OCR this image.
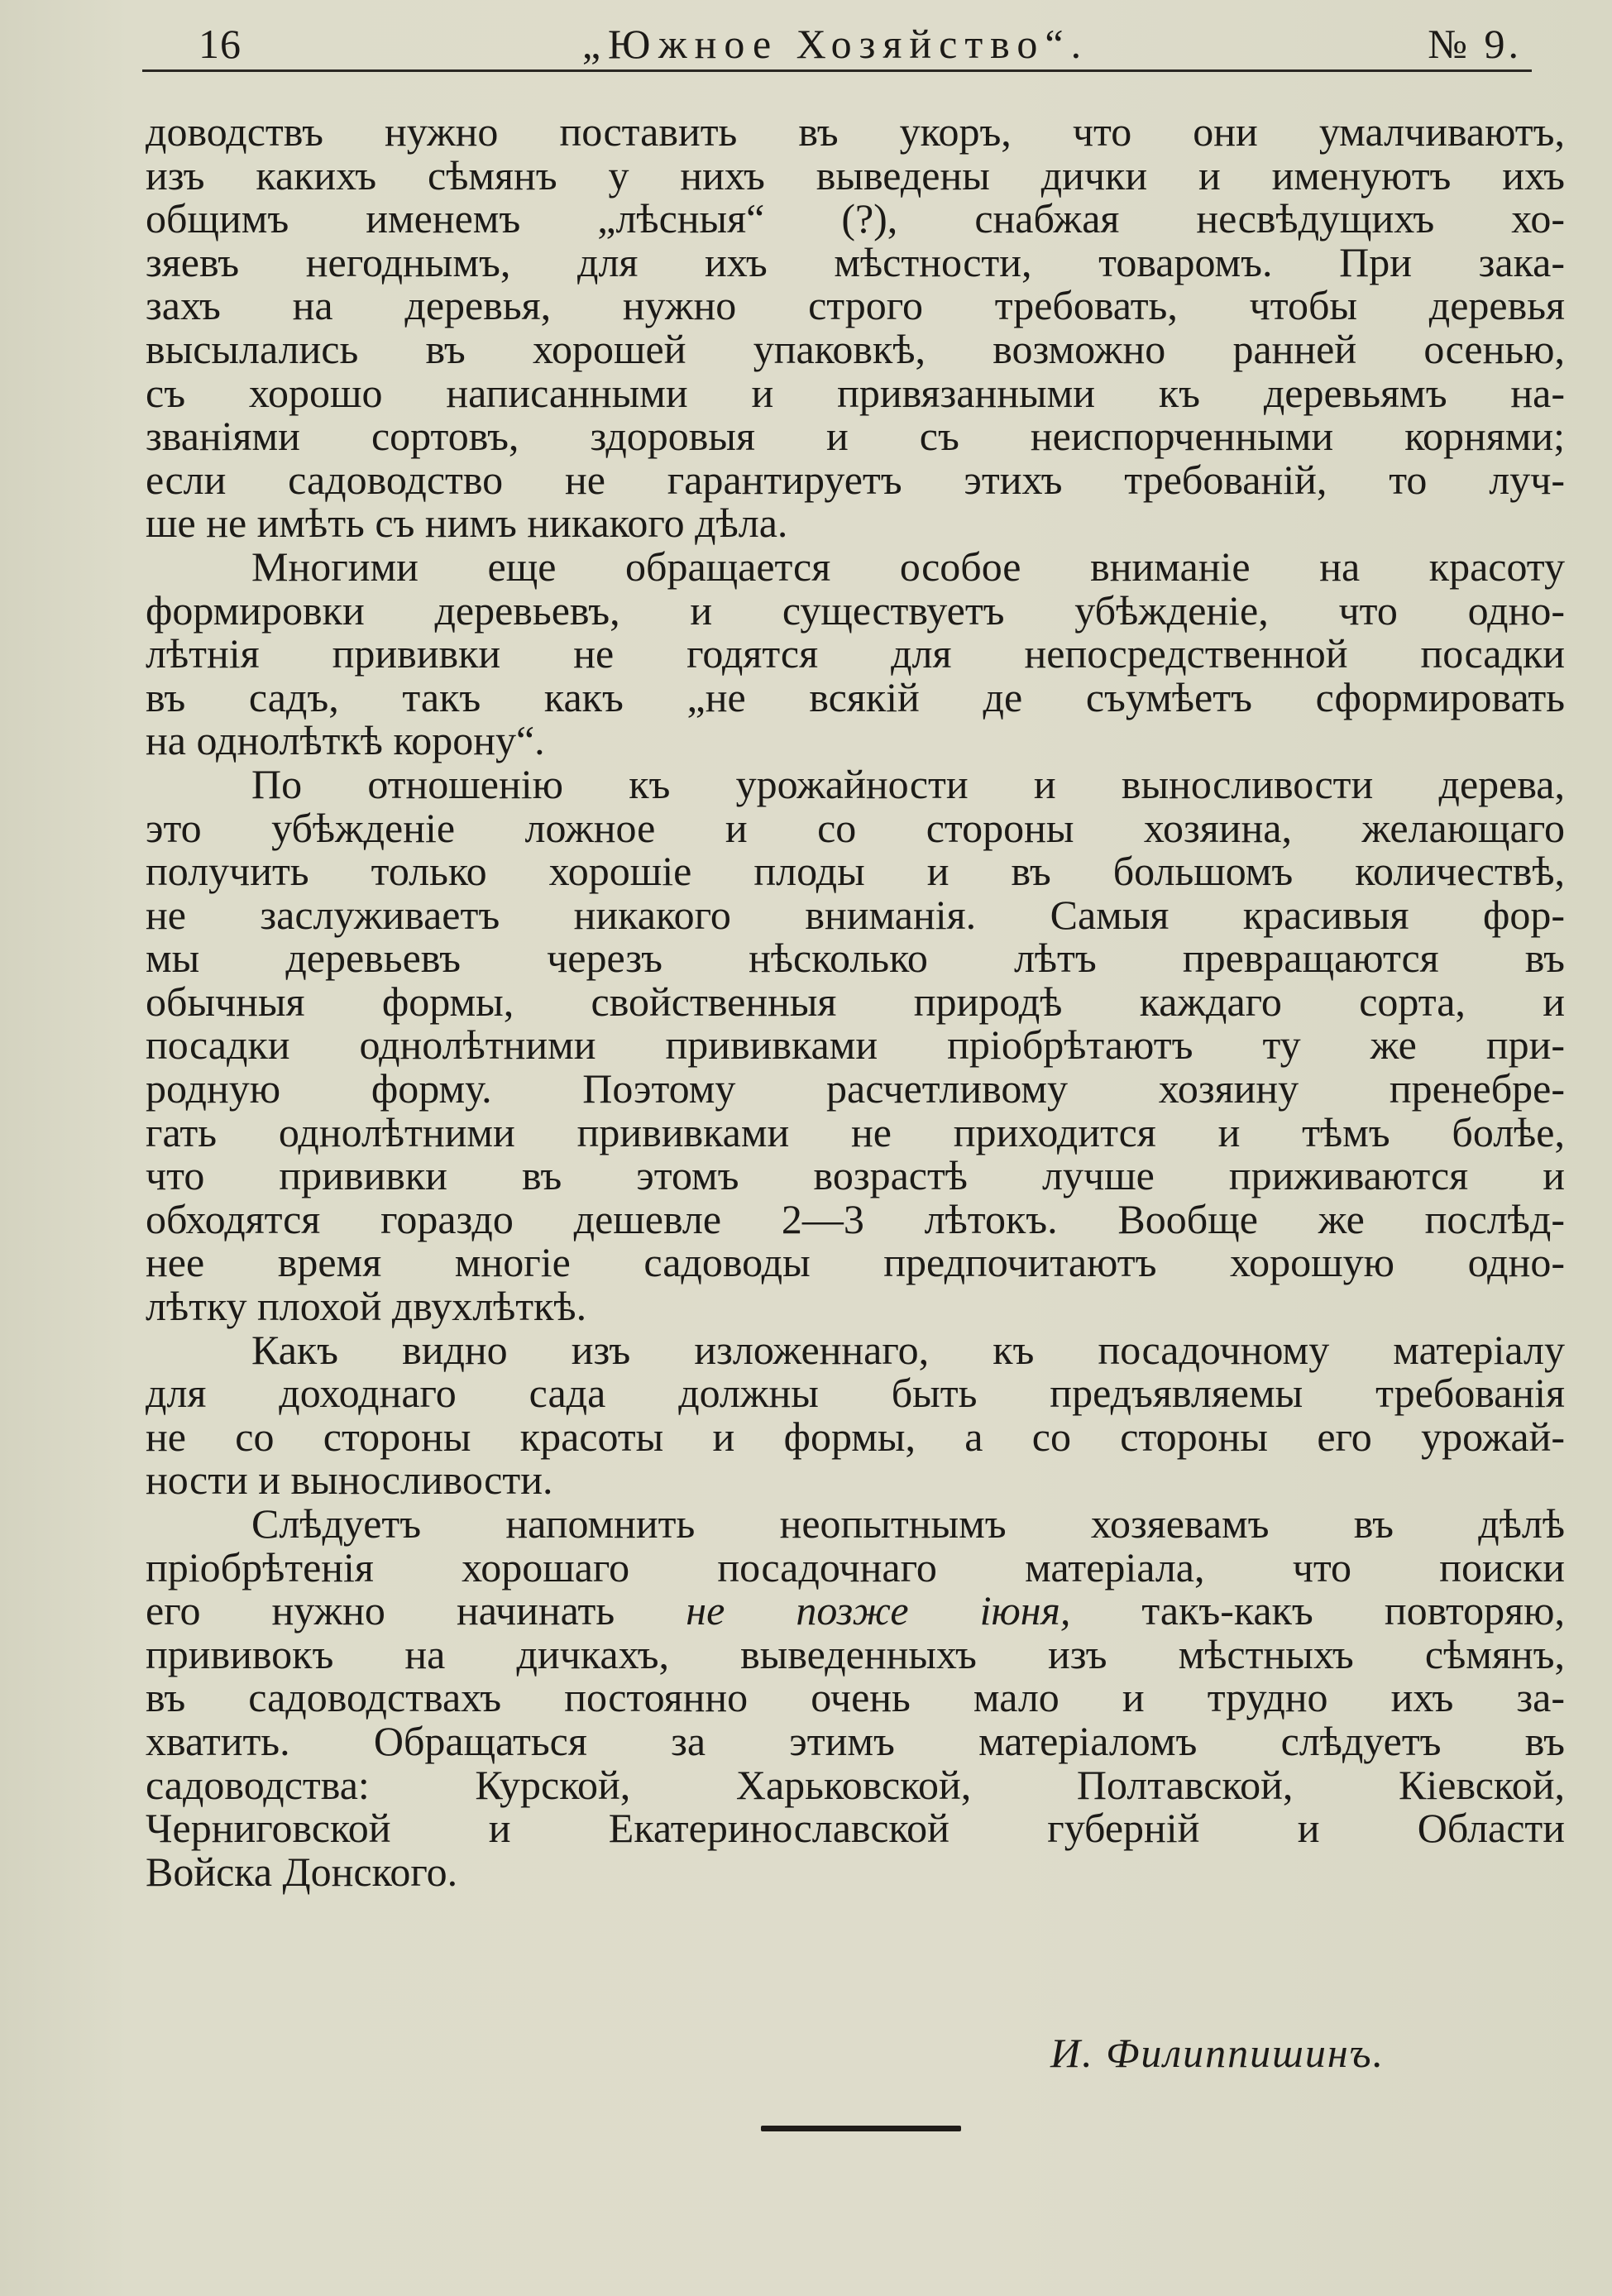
16	„Южное Хозяйство“.	№ 9.
доводствъ нужно поставить въ укоръ, что они умалчиваютъ,
изъ какихъ сѣмянъ у нихъ выведены дички и именуютъ ихъ
общимъ именемъ „лѣсныя“ (?), снабжая несвѣдущихъ хо-
зяевъ негоднымъ, для ихъ мѣстности, товаромъ. При зака-
захъ на деревья, нужно строго требовать, чтобы деревья
высылались въ хорошей упаковкѣ, возможно ранней осенью,
съ хорошо написанными и привязанными къ деревьямъ на-
званіями сортовъ, здоровыя и съ неиспорченными корнями;
если садоводство не гарантируетъ этихъ требованій, то луч-
ше не имѣть съ нимъ никакого дѣла.
Многими еще обращается особое вниманіе на красоту
формировки деревьевъ, и существуетъ убѣжденіе, что одно-
лѣтнія прививки не годятся для непосредственной посадки
въ садъ, такъ какъ „не всякій де съумѣетъ сформировать
на однолѣткѣ корону“.
По отношенію къ урожайности и выносливости дерева,
это убѣжденіе ложное и со стороны хозяина, желающаго
получить только хорошіе плоды и въ большомъ количествѣ,
не заслуживаетъ никакого вниманія. Самыя красивыя фор-
мы деревьевъ черезъ нѣсколько лѣтъ превращаются въ
обычныя формы, свойственныя природѣ каждаго сорта, и
посадки однолѣтними прививками пріобрѣтаютъ ту же при-
родную форму. Поэтому расчетливому хозяину пренебре-
гать однолѣтними прививками не приходится и тѣмъ болѣе,
что прививки въ этомъ возрастѣ лучше приживаются и
обходятся гораздо дешевле 2—3 лѣтокъ. Вообще же послѣд-
нее время многіе садоводы предпочитаютъ хорошую одно-
лѣтку плохой двухлѣткѣ.
Какъ видно изъ изложеннаго, къ посадочному матеріалу
для доходнаго сада должны быть предъявляемы требованія
не со стороны красоты и формы, а со стороны его урожай-
ности и выносливости.
Слѣдуетъ напомнить неопытнымъ хозяевамъ въ дѣлѣ
пріобрѣтенія хорошаго посадочнаго матеріала, что поиски
его нужно начинать не позже іюня, такъ-какъ повторяю,
прививокъ на дичкахъ, выведенныхъ изъ мѣстныхъ сѣмянъ,
въ садоводствахъ постоянно очень мало и трудно ихъ за-
хватить. Обращаться за этимъ матеріаломъ слѣдуетъ въ
садоводства: Курской, Харьковской, Полтавской, Кіевской,
Черниговской и Екатеринославской губерній и Области
Войска Донского.
И. Филиппишинъ.
